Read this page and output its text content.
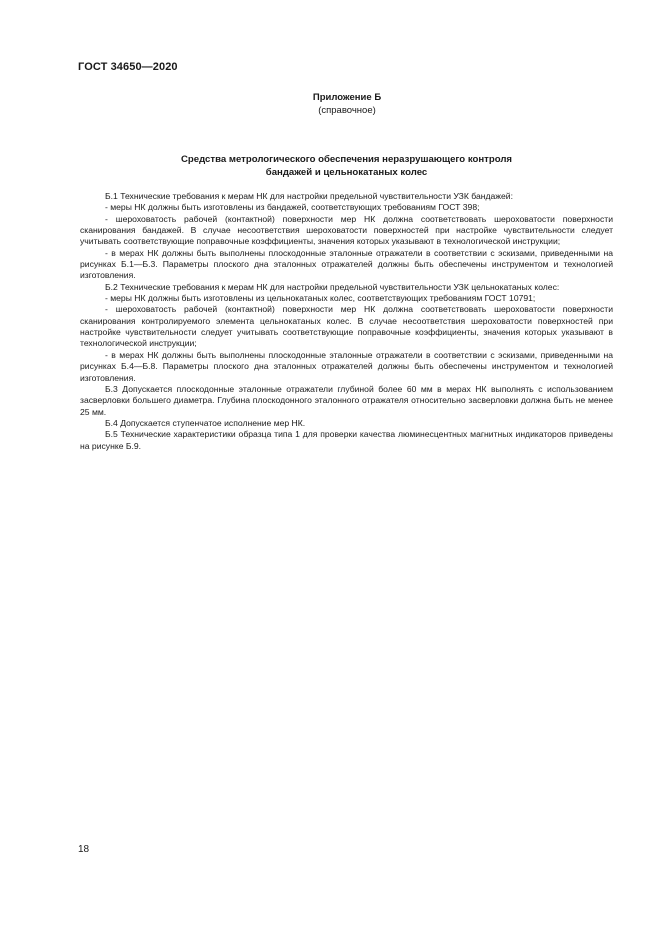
ГОСТ 34650—2020
Приложение Б
(справочное)
Средства метрологического обеспечения неразрушающего контроля
бандажей и цельнокатаных колес

Б.1 Технические требования к мерам НК для настройки предельной чувствительности УЗК бандажей:

- меры НК должны быть изготовлены из бандажей, соответствующих требованиям ГОСТ 398;

- шероховатость рабочей (контактной) поверхности мер НК должна соответствовать шероховатости поверхности сканирования бандажей. В случае несоответствия шероховатости поверхностей при настройке чувствительности следует учитывать соответствующие поправочные коэффициенты, значения которых указывают в технологической инструкции;

- в мерах НК должны быть выполнены плоскодонные эталонные отражатели в соответствии с эскизами, приведенными на рисунках Б.1—Б.3. Параметры плоского дна эталонных отражателей должны быть обеспечены инструментом и технологией изготовления.

Б.2 Технические требования к мерам НК для настройки предельной чувствительности УЗК цельнокатаных колес:

- меры НК должны быть изготовлены из цельнокатаных колес, соответствующих требованиям ГОСТ 10791;

- шероховатость рабочей (контактной) поверхности мер НК должна соответствовать шероховатости поверхности сканирования контролируемого элемента цельнокатаных колес. В случае несоответствия шероховатости поверхностей при настройке чувствительности следует учитывать соответствующие поправочные коэффициенты, значения которых указывают в технологической инструкции;

- в мерах НК должны быть выполнены плоскодонные эталонные отражатели в соответствии с эскизами, приведенными на рисунках Б.4—Б.8. Параметры плоского дна эталонных отражателей должны быть обеспечены инструментом и технологией изготовления.

Б.3 Допускается плоскодонные эталонные отражатели глубиной более 60 мм в мерах НК выполнять с использованием засверловки большего диаметра. Глубина плоскодонного эталонного отражателя относительно засверловки должна быть не менее 25 мм.

Б.4 Допускается ступенчатое исполнение мер НК.

Б.5 Технические характеристики образца типа 1 для проверки качества люминесцентных магнитных индикаторов приведены на рисунке Б.9.

18
